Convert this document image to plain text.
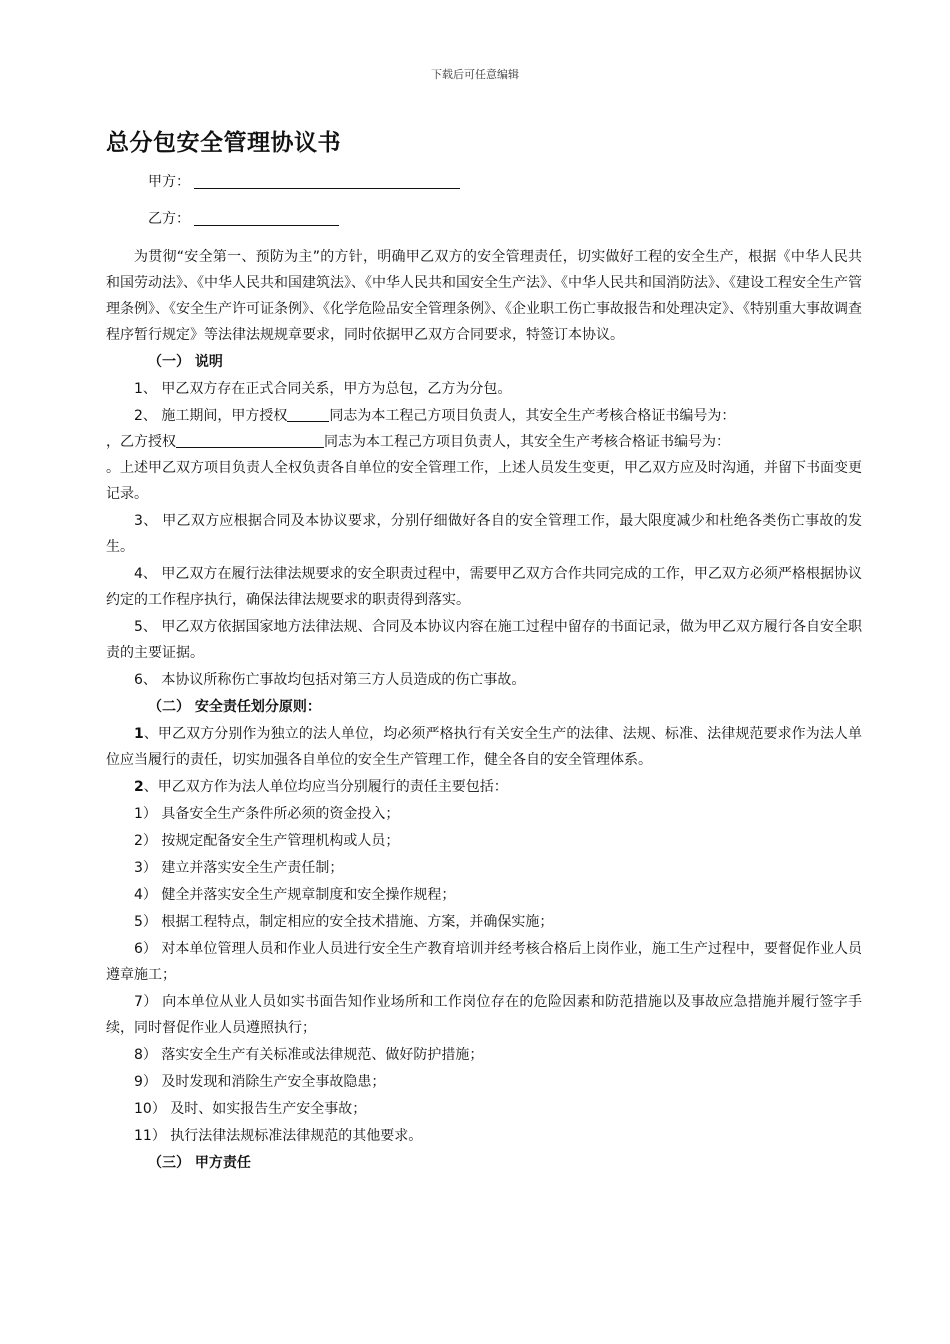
下载后可任意编辑
总分包安全管理协议书
甲方：
乙方：

为贯彻“安全第一、预防为主”的方针，明确甲乙双方的安全管理责任，切实做好工程的安全生产，根据《中华人民共和国劳动法》、《中华人民共和国建筑法》、《中华人民共和国安全生产法》、《中华人民共和国消防法》、《建设工程安全生产管理条例》、《安全生产许可证条例》、《化学危险品安全管理条例》、《企业职工伤亡事故报告和处理决定》、《特别重大事故调查程序暂行规定》等法律法规规章要求，同时依据甲乙双方合同要求，特签订本协议。

（一） 说明

1、 甲乙双方存在正式合同关系，甲方为总包，乙方为分包。

2、 施工期间，甲方授权	同志为本工程己方项目负责人，其安全生产考核合格证书编号为：
，乙方授权	同志为本工程己方项目负责人，其安全生产考核合格证书编号为：
。上述甲乙双方项目负责人全权负责各自单位的安全管理工作，上述人员发生变更，甲乙双方应及时沟通，并留下书面变更记录。

3、 甲乙双方应根据合同及本协议要求，分别仔细做好各自的安全管理工作，最大限度减少和杜绝各类伤亡事故的发生。

4、 甲乙双方在履行法律法规要求的安全职责过程中，需要甲乙双方合作共同完成的工作，甲乙双方必须严格根据协议约定的工作程序执行，确保法律法规要求的职责得到落实。

5、 甲乙双方依据国家地方法律法规、合同及本协议内容在施工过程中留存的书面记录，做为甲乙双方履行各自安全职责的主要证据。

6、 本协议所称伤亡事故均包括对第三方人员造成的伤亡事故。

（二） 安全责任划分原则：

1、甲乙双方分别作为独立的法人单位，均必须严格执行有关安全生产的法律、法规、标准、法律规范要求作为法人单位应当履行的责任，切实加强各自单位的安全生产管理工作，健全各自的安全管理体系。

2、甲乙双方作为法人单位均应当分别履行的责任主要包括：

1） 具备安全生产条件所必须的资金投入；

2） 按规定配备安全生产管理机构或人员；

3） 建立并落实安全生产责任制；

4） 健全并落实安全生产规章制度和安全操作规程；

5） 根据工程特点，制定相应的安全技术措施、方案，并确保实施；

6） 对本单位管理人员和作业人员进行安全生产教育培训并经考核合格后上岗作业，施工生产过程中，要督促作业人员遵章施工；

7） 向本单位从业人员如实书面告知作业场所和工作岗位存在的危险因素和防范措施以及事故应急措施并履行签字手续，同时督促作业人员遵照执行；

8） 落实安全生产有关标准或法律规范、做好防护措施；

9） 及时发现和消除生产安全事故隐患；

10） 及时、如实报告生产安全事故；

11） 执行法律法规标准法律规范的其他要求。

（三） 甲方责任
